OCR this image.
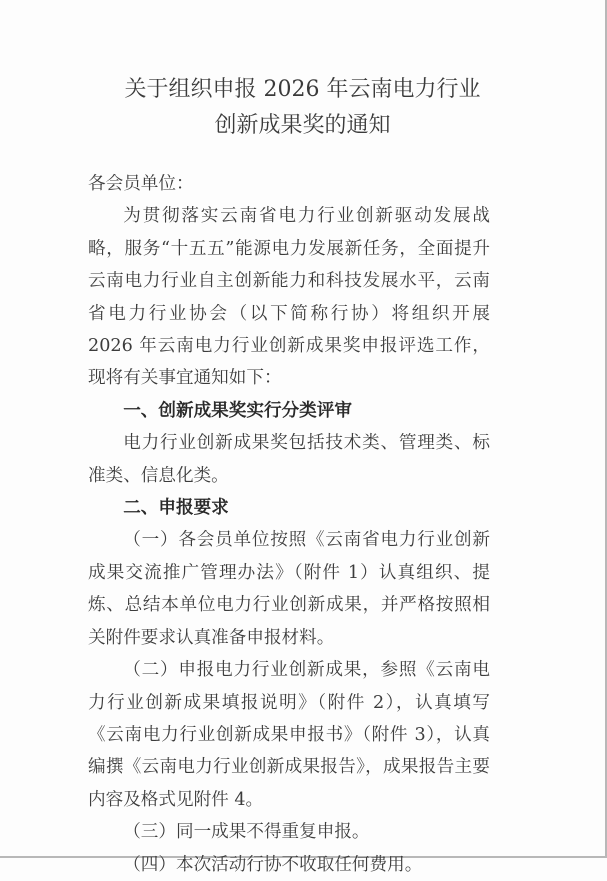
关于组织申报 2026 年云南电力行业
创新成果奖的通知

各会员单位：

为贯彻落实云南省电力行业创新驱动发展战略，服务“十五五”能源电力发展新任务，全面提升云南电力行业自主创新能力和科技发展水平，云南省电力行业协会（以下简称行协）将组织开展 2026 年云南电力行业创新成果奖申报评选工作，现将有关事宜通知如下：

一、创新成果奖实行分类评审

电力行业创新成果奖包括技术类、管理类、标准类、信息化类。

二、申报要求

（一）各会员单位按照《云南省电力行业创新成果交流推广管理办法》（附件 1）认真组织、提炼、总结本单位电力行业创新成果，并严格按照相关附件要求认真准备申报材料。

（二）申报电力行业创新成果，参照《云南电力行业创新成果填报说明》（附件 2），认真填写《云南电力行业创新成果申报书》（附件 3），认真编撰《云南电力行业创新成果报告》，成果报告主要内容及格式见附件 4。

（三）同一成果不得重复申报。

（四）本次活动行协不收取任何费用。
